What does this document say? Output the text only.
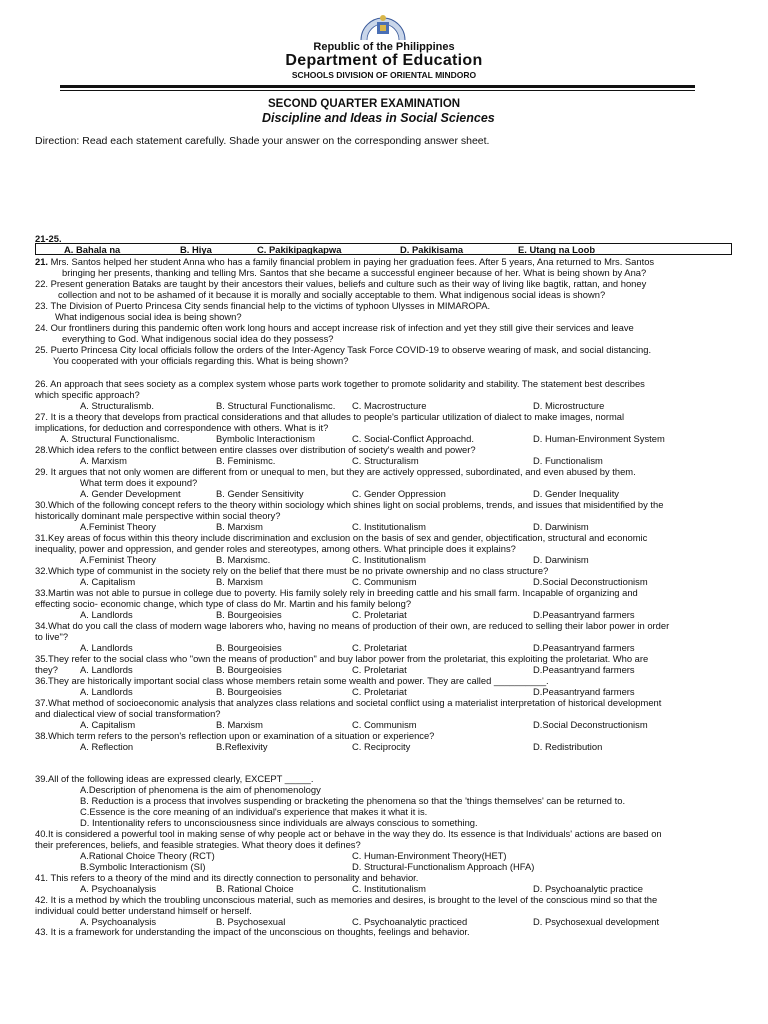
Republic of the Philippines
Department of Education
SCHOOLS DIVISION OF ORIENTAL MINDORO
SECOND QUARTER EXAMINATION
Discipline and Ideas in Social Sciences
Direction: Read each statement carefully. Shade your answer on the corresponding answer sheet.
21-25.
A. Bahala na	B. Hiya	C. Pakikipagkapwa	D. Pakikisama	E. Utang na Loob
21. Mrs. Santos helped her student Anna who has a family financial problem in paying her graduation fees. After 5 years, Ana returned to Mrs. Santos
bringing her presents, thanking and telling Mrs. Santos that she became a successful engineer because of her. What is being shown by Ana?
22. Present generation Bataks are taught by their ancestors their values, beliefs and culture such as their way of living like bagtik, rattan, and honey
collection and not to be ashamed of it because it is morally and socially acceptable to them. What indigenous social ideas is shown?
23. The Division of Puerto Princesa City sends financial help to the victims of typhoon Ulysses in MIMAROPA.
What indigenous social idea is being shown?
24. Our frontliners during this pandemic often work long hours and accept increase risk of infection and yet they still give their services and leave
everything to God. What indigenous social idea do they possess?
25. Puerto Princesa City local officials follow the orders of the Inter-Agency Task Force COVID-19 to observe wearing of mask, and social distancing.
You cooperated with your officials regarding this. What is being shown?
26. An approach that sees society as a complex system whose parts work together to promote solidarity and stability. The statement best describes
which specific approach?
A. Structuralismb.	B. Structural Functionalismc. C. Macrostructure	D. Microstructure
27. It is a theory that develops from practical considerations and that alludes to people's particular utilization of dialect to make images, normal
implications, for deduction and correspondence with others. What is it?
A. Structural Functionalismc.	Bymbolic Interactionism	C. Social-Conflict Approachd.	D. Human-Environment System
28.Which idea refers to the conflict between entire classes over distribution of society's wealth and power?
A. Marxism	B. Feminismc.	C. Structuralism	D. Functionalism
29. It argues that not only women are different from or unequal to men, but they are actively oppressed, subordinated, and even abused by them.
What term does it expound?
A. Gender Development	B. Gender Sensitivity	C. Gender Oppression	D. Gender Inequality
30.Which of the following concept refers to the theory within sociology which shines light on social problems, trends, and issues that misidentified by the
historically dominant male perspective within social theory?
A.Feminist Theory	B. Marxism	C. Institutionalism	D. Darwinism
31.Key areas of focus within this theory include discrimination and exclusion on the basis of sex and gender, objectification, structural and economic
inequality, power and oppression, and gender roles and stereotypes, among others. What principle does it explains?
A.Feminist Theory	B. Marxismc.	C. Institutionalism	D. Darwinism
32.Which type of communist in the society rely on the belief that there must be no private ownership and no class structure?
A. Capitalism	B. Marxism	C. Communism	D.Social Deconstructionism
33.Martin was not able to pursue in college due to poverty. His family solely rely in breeding cattle and his small farm. Incapable of organizing and
effecting socio- economic change, which type of class do Mr. Martin and his family belong?
A. Landlords	B. Bourgeoisies	C. Proletariat	D.Peasantryand farmers
34.What do you call the class of modern wage laborers who, having no means of production of their own, are reduced to selling their labor power in order
to live"?
A. Landlords	B. Bourgeoisies	C. Proletariat	D.Peasantryand farmers
35.They refer to the social class who "own the means of production" and buy labor power from the proletariat, this exploiting the proletariat. Who are
they? A. Landlords	B. Bourgeoisies	C. Proletariat	D.Peasantryand farmers
36.They are historically important social class whose members retain some wealth and power. They are called __________.
A. Landlords	B. Bourgeoisies	C. Proletariat	D.Peasantryand farmers
37.What method of socioeconomic analysis that analyzes class relations and societal conflict using a materialist interpretation of historical development
and dialectical view of social transformation?
A. Capitalism	B. Marxism	C. Communism	D.Social Deconstructionism
38.Which term refers to the person's reflection upon or examination of a situation or experience?
A. Reflection	B.Reflexivity	C. Reciprocity	D. Redistribution
39.All of the following ideas are expressed clearly, EXCEPT _____.
A.Description of phenomena is the aim of phenomenology
B. Reduction is a process that involves suspending or bracketing the phenomena so that the 'things themselves' can be returned to.
C.Essence is the core meaning of an individual's experience that makes it what it is.
D. Intentionality refers to unconsciousness since individuals are always conscious to something.
40.It is considered a powerful tool in making sense of why people act or behave in the way they do. Its essence is that Individuals' actions are based on
their preferences, beliefs, and feasible strategies. What theory does it defines?
A.Rational Choice Theory (RCT)	C. Human-Environment Theory(HET)
B.Symbolic Interactionism (SI)	D. Structural-Functionalism Approach (HFA)
41. This refers to a theory of the mind and its directly connection to personality and behavior.
A. Psychoanalysis	B. Rational Choice	C. Institutionalism	D. Psychoanalytic practice
42. It is a method by which the troubling unconscious material, such as memories and desires, is brought to the level of the conscious mind so that the
individual could better understand himself or herself.
A. Psychoanalysis	B. Psychosexual	C. Psychoanalytic practiced	D. Psychosexual development
43. It is a framework for understanding the impact of the unconscious on thoughts, feelings and behavior.
